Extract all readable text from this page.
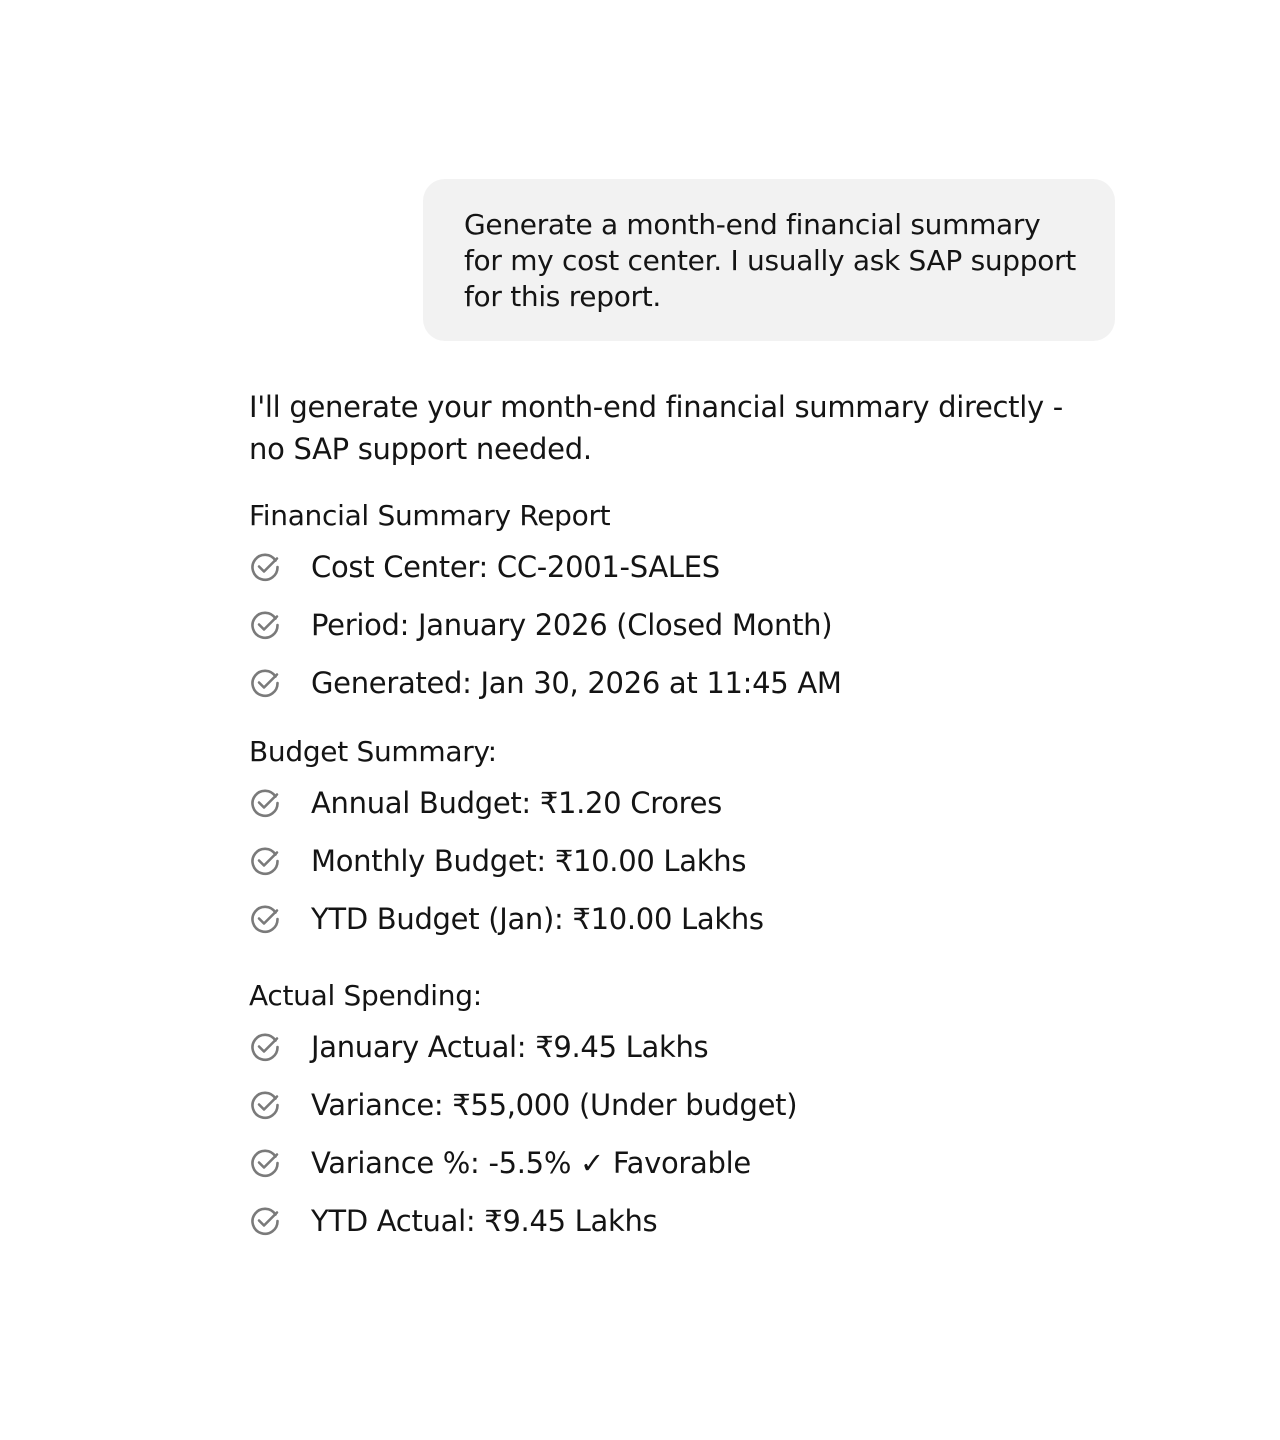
Generate a month-end financial summary for my cost center. I usually ask SAP support for this report.

I'll generate your month-end financial summary directly - no SAP support needed.

Financial Summary Report
Cost Center: CC-2001-SALES
Period: January 2026 (Closed Month)
Generated: Jan 30, 2026 at 11:45 AM
Budget Summary:
Annual Budget: ₹1.20 Crores
Monthly Budget: ₹10.00 Lakhs
YTD Budget (Jan): ₹10.00 Lakhs
Actual Spending:
January Actual: ₹9.45 Lakhs
Variance: ₹55,000 (Under budget)
Variance %: -5.5% ✓ Favorable
YTD Actual: ₹9.45 Lakhs
